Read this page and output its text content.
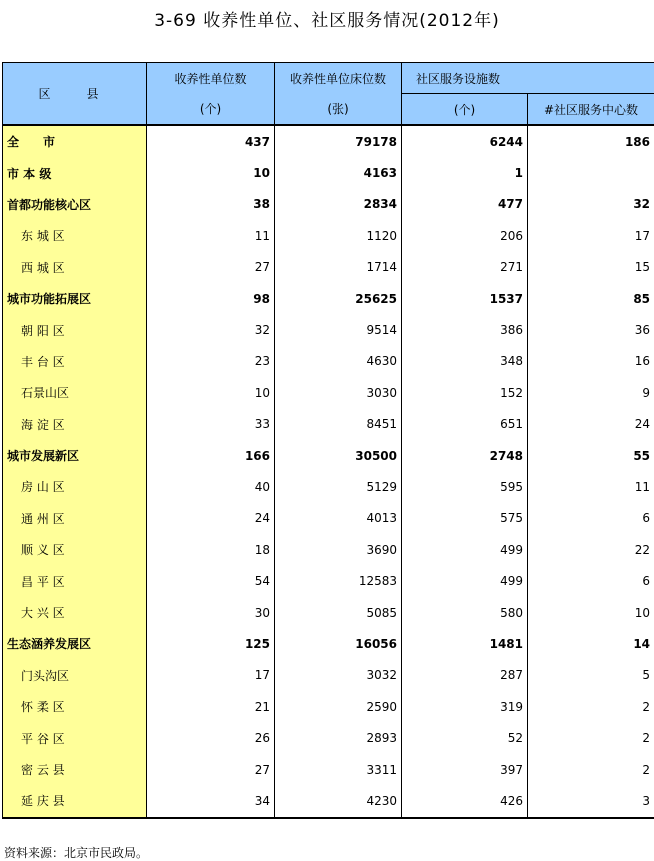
3-69 收养性单位、社区服务情况(2012年)
区　县	收养性单位数	收养性单位床位数	社区服务设施数	
	(个)	(张)	(个)	#社区服务中心数
全　　市	437	79178	6244	186
市 本 级	10	4163	1	
首都功能核心区	38	2834	477	32
东 城 区	11	1120	206	17
西 城 区	27	1714	271	15
城市功能拓展区	98	25625	1537	85
朝 阳 区	32	9514	386	36
丰 台 区	23	4630	348	16
石景山区	10	3030	152	9
海 淀 区	33	8451	651	24
城市发展新区	166	30500	2748	55
房 山 区	40	5129	595	11
通 州 区	24	4013	575	6
顺 义 区	18	3690	499	22
昌 平 区	54	12583	499	6
大 兴 区	30	5085	580	10
生态涵养发展区	125	16056	1481	14
门头沟区	17	3032	287	5
怀 柔 区	21	2590	319	2
平 谷 区	26	2893	52	2
密 云 县	27	3311	397	2
延 庆 县	34	4230	426	3
资料来源：北京市民政局。
